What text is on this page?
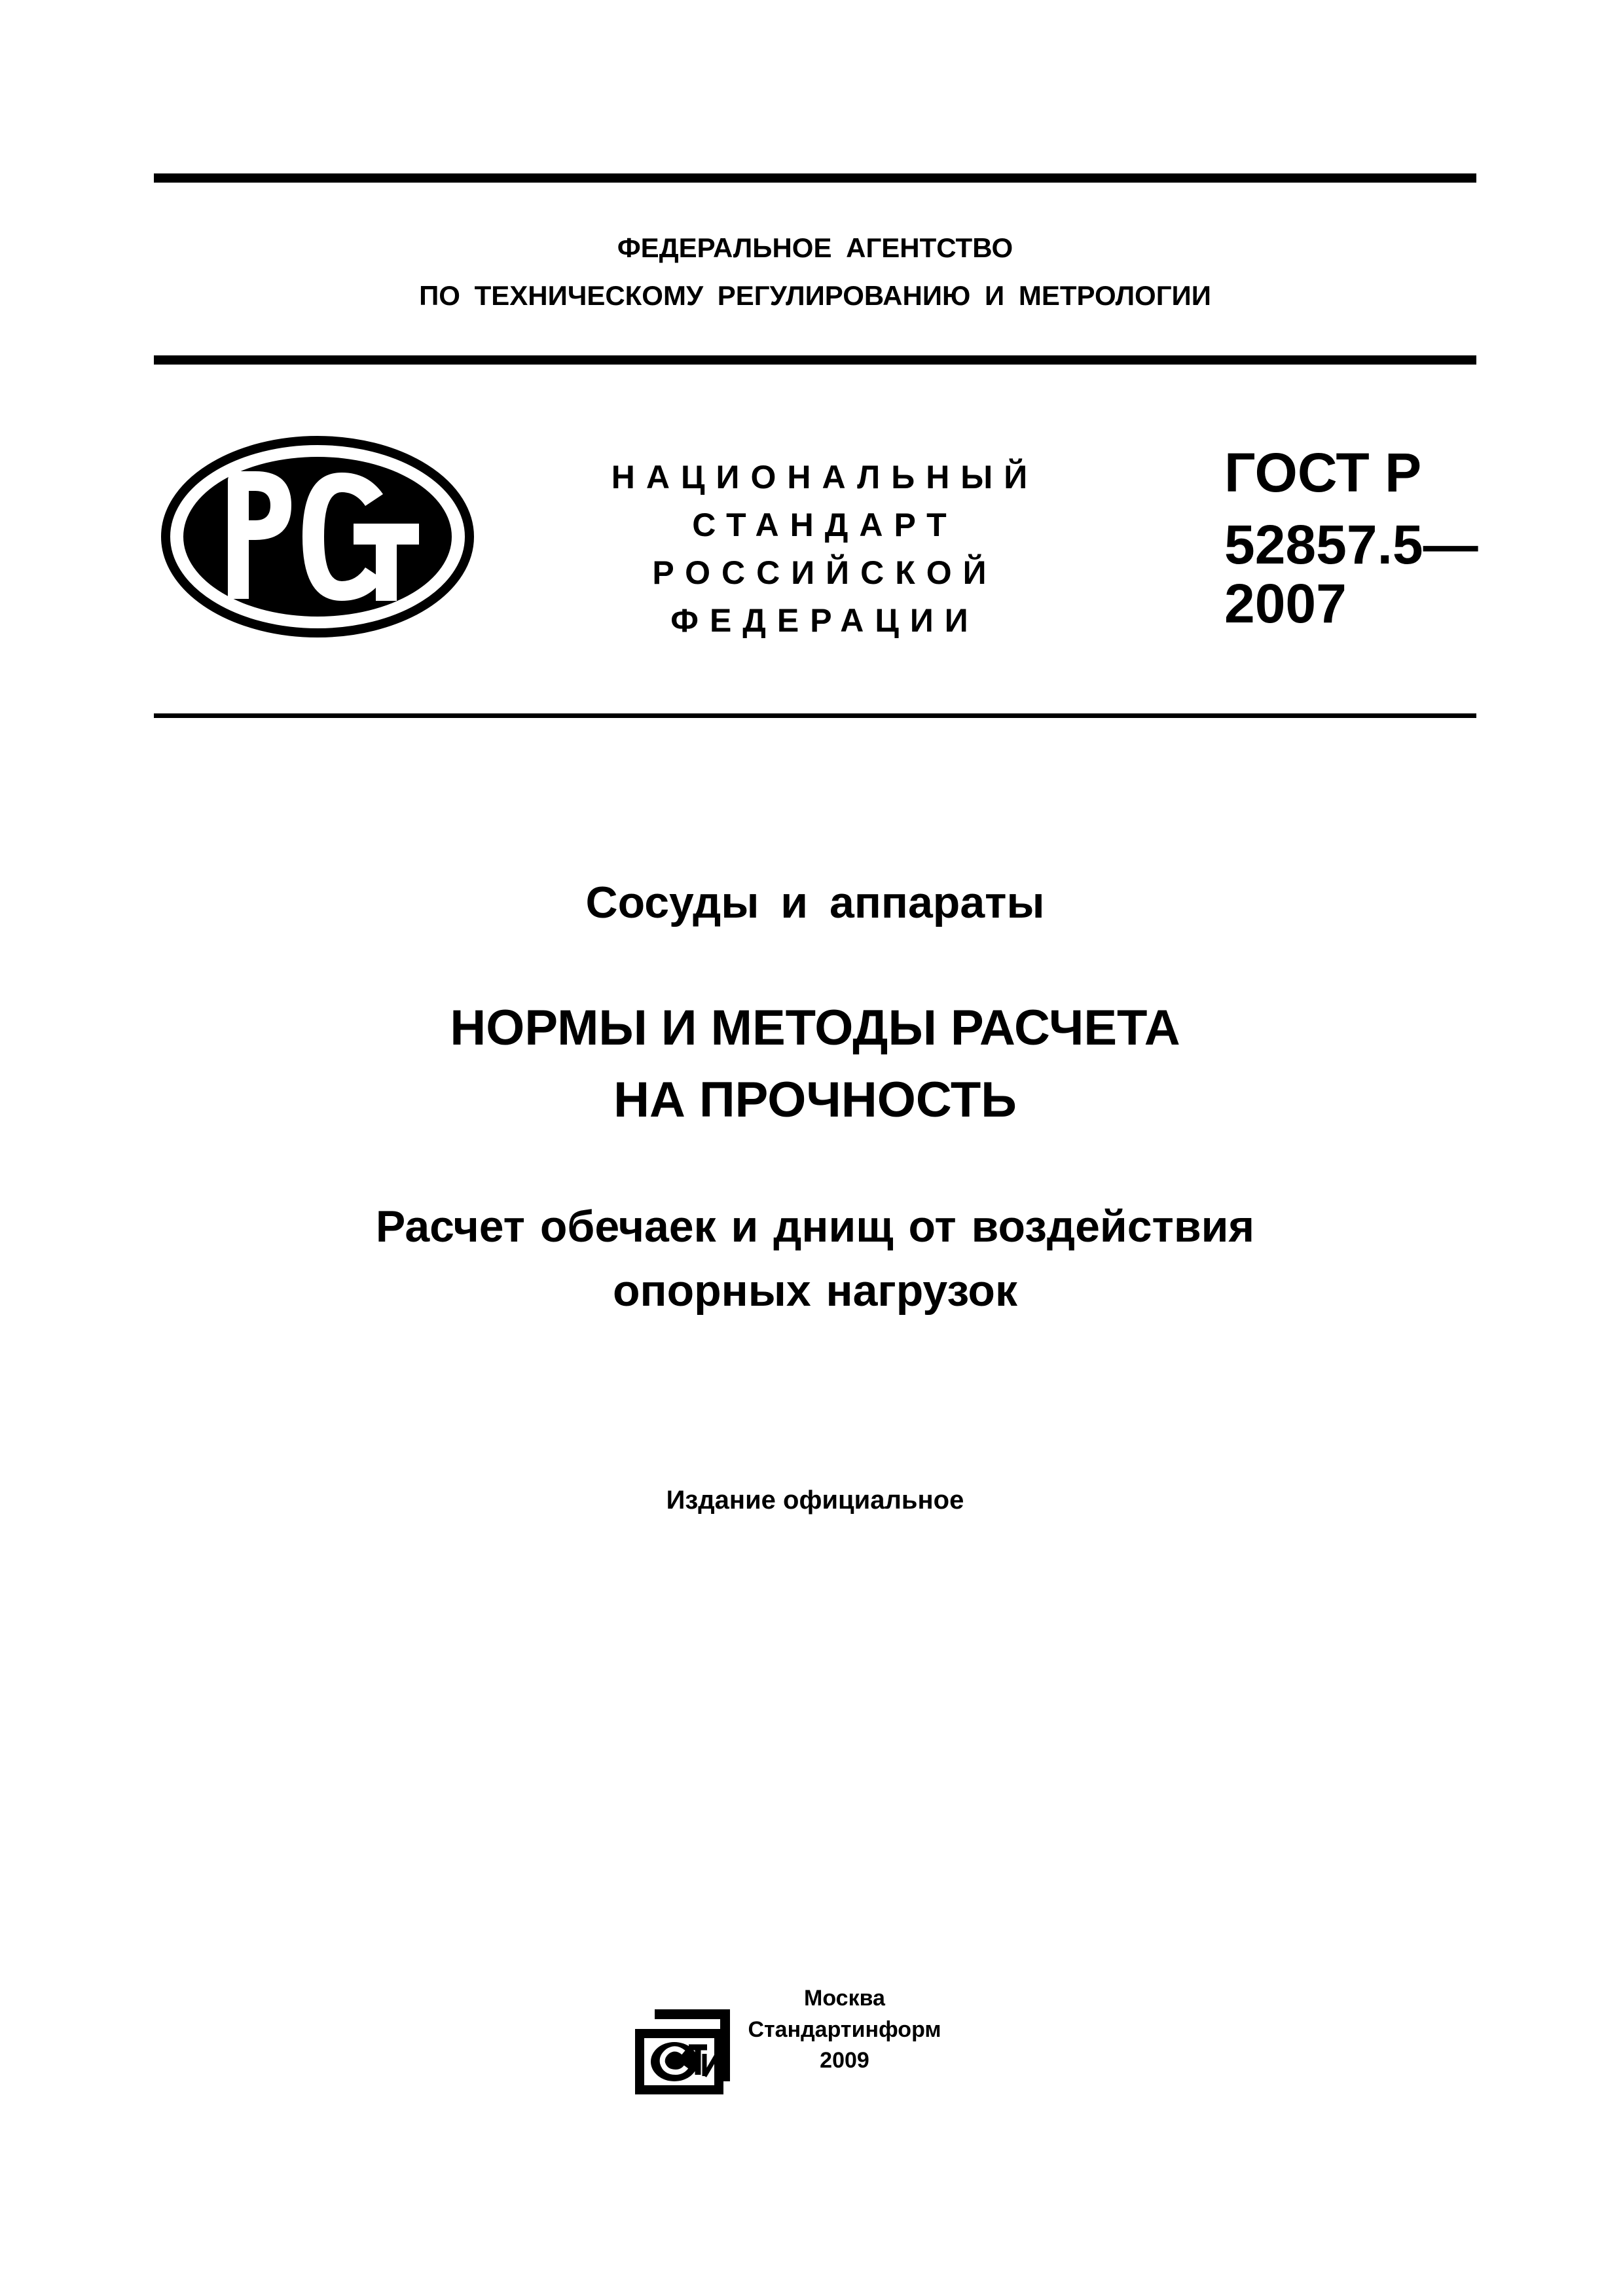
ФЕДЕРАЛЬНОЕ АГЕНТСТВО
ПО ТЕХНИЧЕСКОМУ РЕГУЛИРОВАНИЮ И МЕТРОЛОГИИ
НАЦИОНАЛЬНЫЙ
СТАНДАРТ
РОССИЙСКОЙ
ФЕДЕРАЦИИ
ГОСТ Р
52857.5—
2007
Сосуды и аппараты
НОРМЫ И МЕТОДЫ РАСЧЕТА
НА ПРОЧНОСТЬ
Расчет обечаек и днищ от воздействия
опорных нагрузок
Издание официальное
Москва
Стандартинформ
2009
